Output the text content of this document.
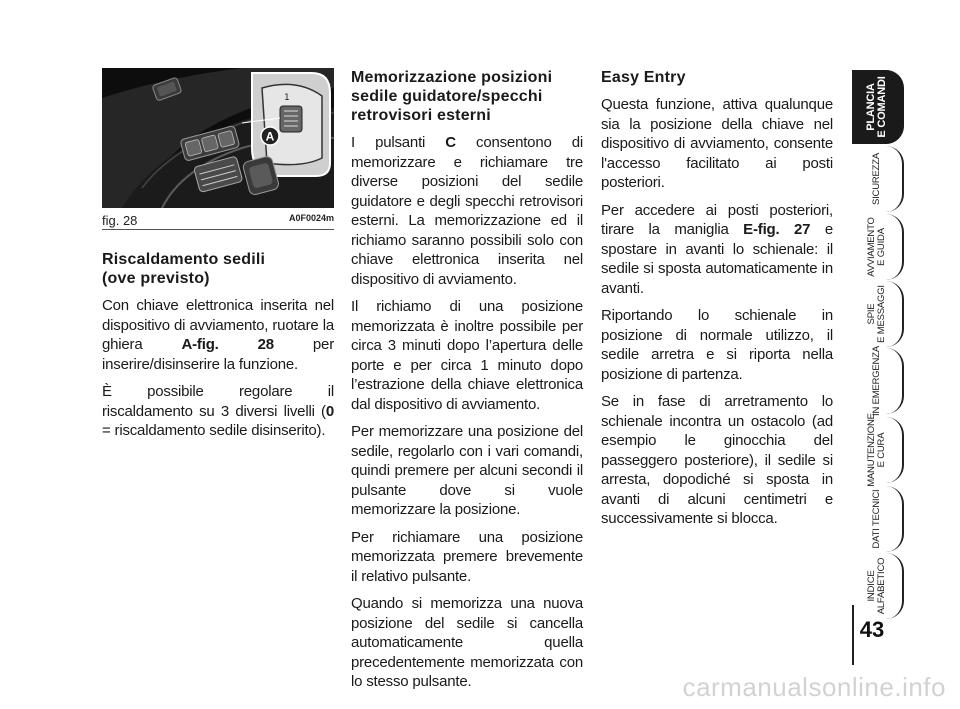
1
A
fig. 28	A0F0024m
Riscaldamento sedili
(ove previsto)

Con chiave elettronica inserita nel dispositivo di avviamento, ruotare la ghiera A-fig. 28 per inserire/disinserire la funzione.

È possibile regolare il riscaldamento su 3 diversi livelli (0 = riscaldamento sedile disinserito).

Memorizzazione posizioni sedile guidatore/specchi retrovisori esterni

I pulsanti C consentono di memorizzare e richiamare tre diverse posizioni del sedile guidatore e degli specchi retrovisori esterni. La memorizzazione ed il richiamo saranno possibili solo con chiave elettronica inserita nel dispositivo di avviamento.

Il richiamo di una posizione memorizzata è inoltre possibile per circa 3 minuti dopo l’apertura delle porte e per circa 1 minuto dopo l’estrazione della chiave elettronica dal dispositivo di avviamento.

Per memorizzare una posizione del sedile, regolarlo con i vari comandi, quindi premere per alcuni secondi il pulsante dove si vuole memorizzare la posizione.

Per richiamare una posizione memorizzata premere brevemente il relativo pulsante.

Quando si memorizza una nuova posizione del sedile si cancella automaticamente quella precedentemente memorizzata con lo stesso pulsante.

Easy Entry

Questa funzione, attiva qualunque sia la posizione della chiave nel dispositivo di avviamento, consente l'accesso facilitato ai posti posteriori.

Per accedere ai posti posteriori, tirare la maniglia E-fig. 27 e spostare in avanti lo schienale: il sedile si sposta automaticamente in avanti.

Riportando lo schienale in posizione di normale utilizzo, il sedile arretra e si riporta nella posizione di partenza.

Se in fase di arretramento lo schienale incontra un ostacolo (ad esempio le ginocchia del passeggero posteriore), il sedile si arresta, dopodiché si sposta in avanti di alcuni centimetri e successivamente si blocca.

PLANCIA
E COMANDI
SICUREZZA
AVVIAMENTO
E GUIDA
SPIE
E MESSAGGI
IN EMERGENZA
MANUTENZIONE
E CURA
DATI TECNICI
INDICE
ALFABETICO
43
carmanualsonline.info
